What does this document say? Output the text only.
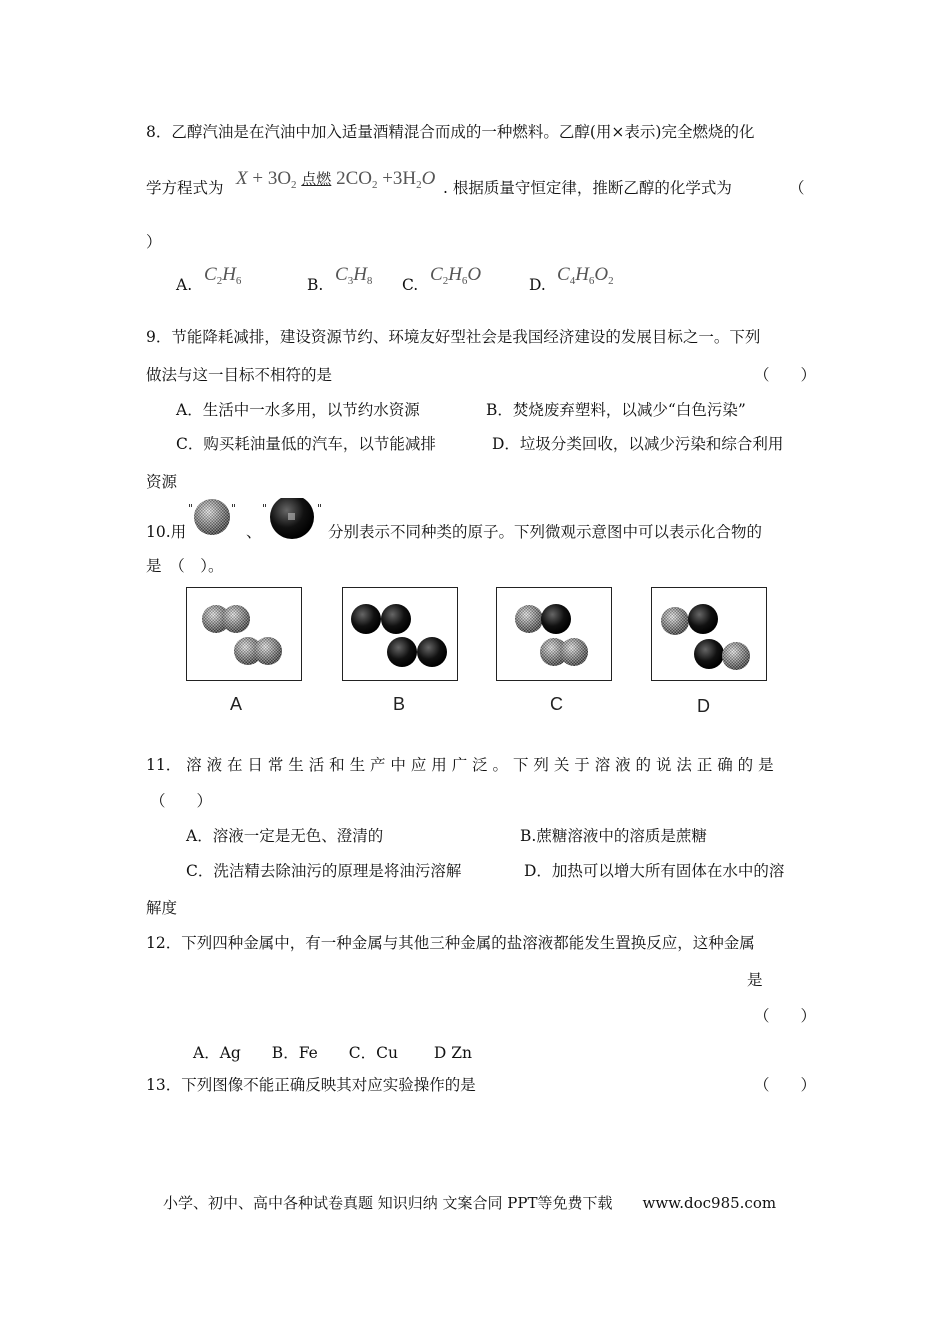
8．乙醇汽油是在汽油中加入适量酒精混合而成的一种燃料。乙醇(用×表示)完全燃烧的化
学方程式为 $X + 3O_2$ 点燃 $2CO_2 +3H_2O$ . 根据质量守恒定律，推断乙醇的化学式为	（
）
A. $C_2H_6$	B. $C_3H_8$ C. $C_2H_6O$	D. $C_4H_6O_2$
9．节能降耗减排，建设资源节约、环境友好型社会是我国经济建设的发展目标之一。下列
做法与这一目标不相符的是	（　　）
A．生活中一水多用，以节约水资源	B．焚烧废弃塑料，以减少“白色污染”
C．购买耗油量低的汽车，以节能减排	D．垃圾分类回收，以减少污染和综合利用
资源
10.用
"	" "	"
、	分别表示不同种类的原子。下列微观示意图中可以表示化合物的
是　（　）。
A	B	C	D
11． 溶 液 在 日 常 生 活 和 生 产 中 应 用 广 泛 。 下 列 关 于 溶 液 的 说 法 正 确 的 是
（　　）
A．溶液一定是无色、澄清的	B.蔗糖溶液中的溶质是蔗糖
C．洗洁精去除油污的原理是将油污溶解	D．加热可以增大所有固体在水中的溶
解度
12．下列四种金属中，有一种金属与其他三种金属的盐溶液都能发生置换反应，这种金属
是
（　　）
A．Ag　　B．Fe　　C．Cu　　 D Zn
13．下列图像不能正确反映其对应实验操作的是	（　　）
小学、初中、高中各种试卷真题 知识归纳 文案合同 PPT等免费下载　　www.doc985.com
